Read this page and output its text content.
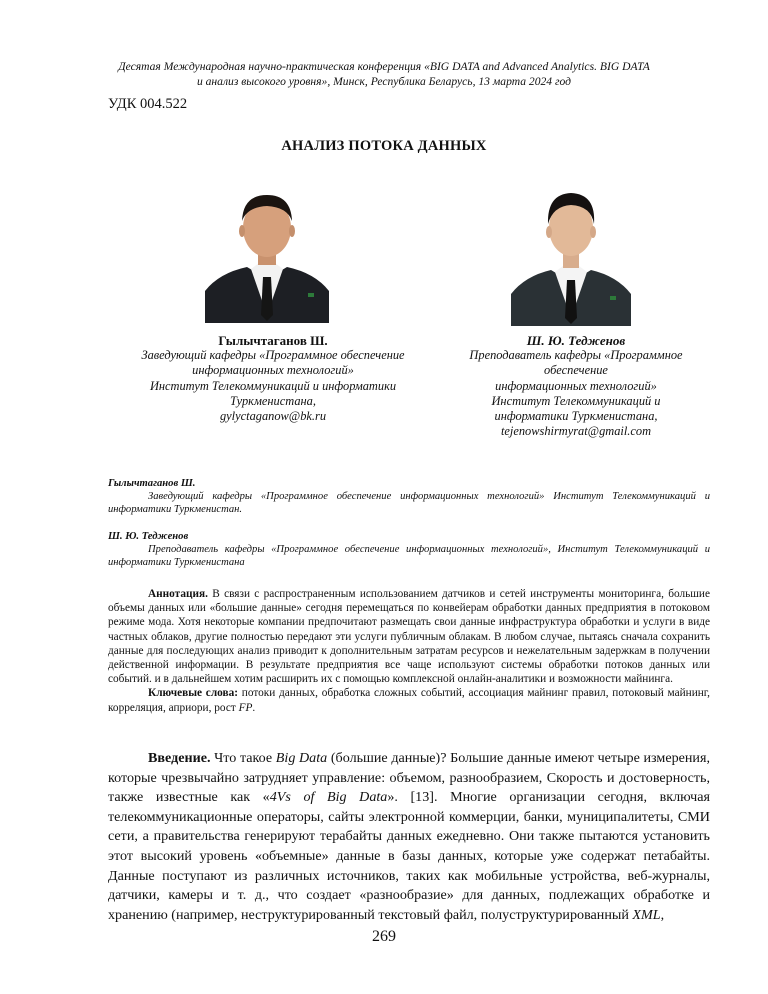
Десятая Международная научно-практическая конференция «BIG DATA and Advanced Analytics. BIG DATA
и анализ высокого уровня», Минск, Республика Беларусь, 13 марта 2024 год
УДК 004.522
АНАЛИЗ ПОТОКА ДАННЫХ
Гылычтаганов Ш.
Заведующий кафедры «Программное обеспечение
информационных технологий»
Институт Телекоммуникаций и информатики
Туркменистана,
gylyctaganow@bk.ru
Ш. Ю. Теджeнов
Преподаватель кафедры «Программное
обеспечение
информационных технологий»
Институт Телекоммуникаций и
информатики Туркменистана,
tejenowshirmyrat@gmail.com
Гылычтаганов Ш.
Заведующий кафедры «Программное обеспечение информационных технологий» Институт Телекоммуникаций и информатики Туркменистан.
Ш. Ю. Теджeнов
Преподаватель кафедры «Программное обеспечение информационных технологий», Институт Телекоммуникаций и информатики Туркменистана

Аннотация. В связи с распространенным использованием датчиков и сетей инструменты мониторинга, большие объемы данных или «большие данные» сегодня перемещаться по конвейерам обработки данных предприятия в потоковом режиме мода. Хотя некоторые компании предпочитают размещать свои данные инфраструктура обработки и услуги в виде частных облаков, другие полностью передают эти услуги публичным облакам. В любом случае, пытаясь сначала сохранить данные для последующих анализ приводит к дополнительным затратам ресурсов и нежелательным задержкам в получении действенной информации. В результате предприятия все чаще используют системы обработки потоков данных или событий. и в дальнейшем хотим расширить их с помощью комплексной онлайн-аналитики и возможности майнинга.

Ключевые слова: потоки данных, обработка сложных событий, ассоциация майнинг правил, потоковый майнинг, корреляция, априори, рост FP.

Введение. Что такое Big Data (большие данные)? Большие данные имеют четыре измерения, которые чрезвычайно затрудняет управление: объемом, разнообразием, Скорость и достоверность, также известные как «4Vs of Big Data». [13]. Многие организации сегодня, включая телекоммуникационные операторы, сайты электронной коммерции, банки, муниципалитеты, СМИ сети, а правительства генерируют терабайты данных ежедневно. Они также пытаются установить этот высокий уровень «объемные» данные в базы данных, которые уже содержат петабайты. Данные поступают из различных источников, таких как мобильные устройства, веб-журналы, датчики, камеры и т. д., что создает «разнообразие» для данных, подлежащих обработке и хранению (например, неструктурированный текстовый файл, полуструктурированный XML,

269
